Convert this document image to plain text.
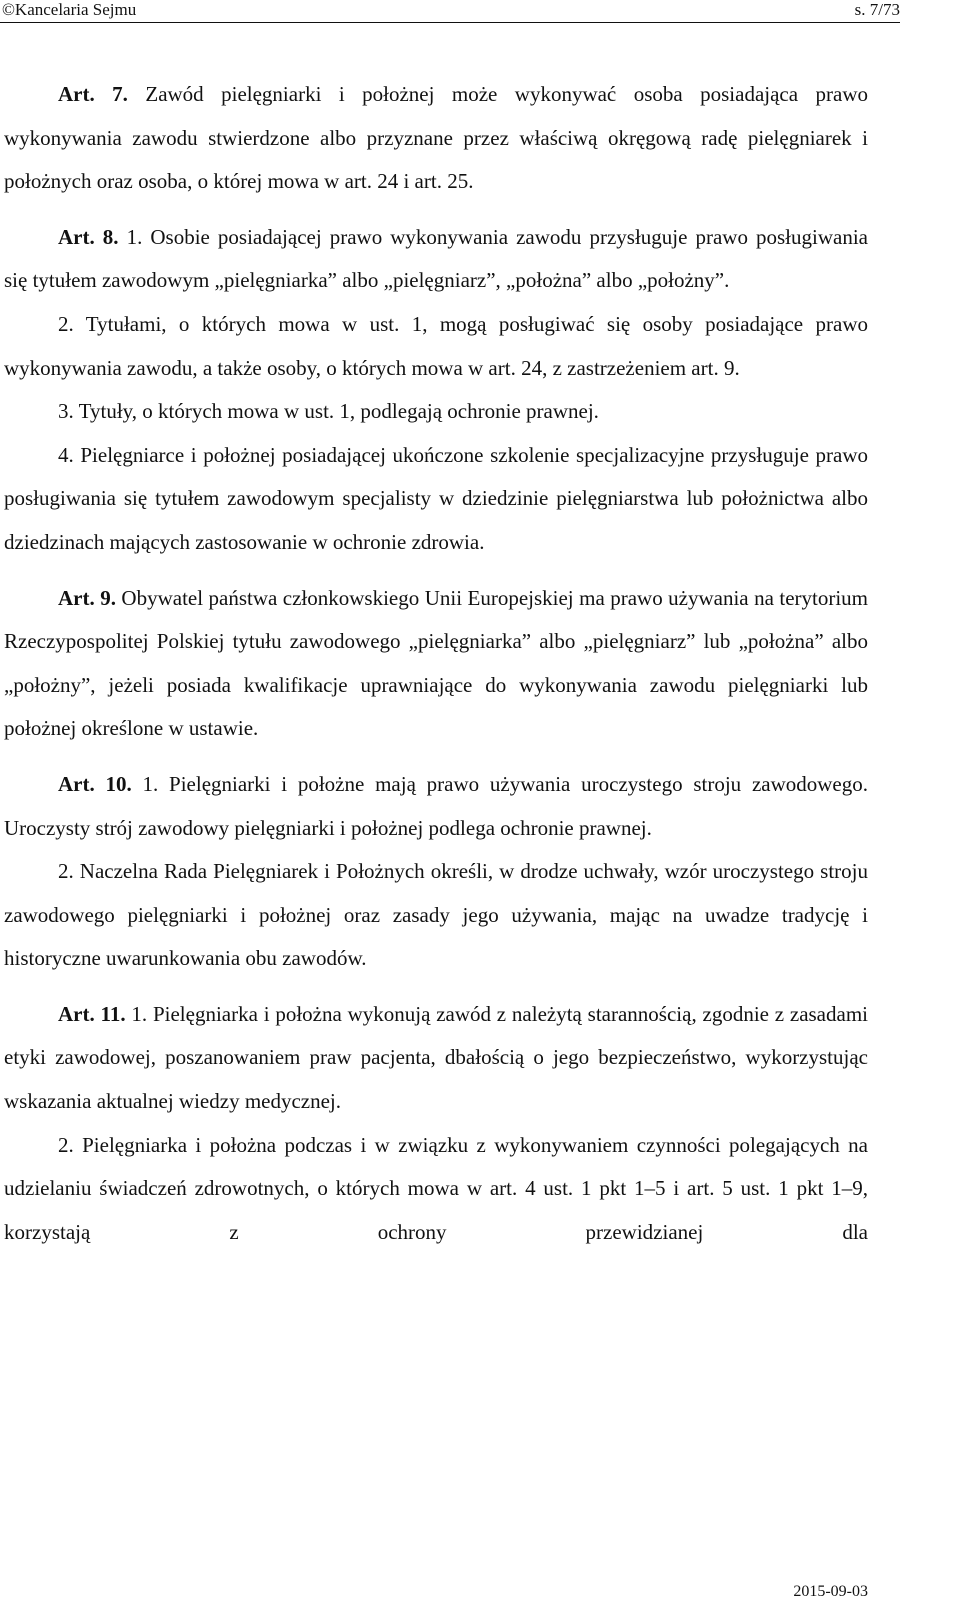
©Kancelaria Sejmu	s. 7/73

Art. 7. Zawód pielęgniarki i położnej może wykonywać osoba posiadająca prawo wykonywania zawodu stwierdzone albo przyznane przez właściwą okręgową radę pielęgniarek i położnych oraz osoba, o której mowa w art. 24 i art. 25.

Art. 8. 1. Osobie posiadającej prawo wykonywania zawodu przysługuje prawo posługiwania się tytułem zawodowym „pielęgniarka” albo „pielęgniarz”, „położna” albo „położny”.

2. Tytułami, o których mowa w ust. 1, mogą posługiwać się osoby posiadające prawo wykonywania zawodu, a także osoby, o których mowa w art. 24, z zastrzeżeniem art. 9.

3. Tytuły, o których mowa w ust. 1, podlegają ochronie prawnej.

4. Pielęgniarce i położnej posiadającej ukończone szkolenie specjalizacyjne przysługuje prawo posługiwania się tytułem zawodowym specjalisty w dziedzinie pielęgniarstwa lub położnictwa albo dziedzinach mających zastosowanie w ochronie zdrowia.

Art. 9. Obywatel państwa członkowskiego Unii Europejskiej ma prawo używania na terytorium Rzeczypospolitej Polskiej tytułu zawodowego „pielęgniarka” albo „pielęgniarz” lub „położna” albo „położny”, jeżeli posiada kwalifikacje uprawniające do wykonywania zawodu pielęgniarki lub położnej określone w ustawie.

Art. 10. 1. Pielęgniarki i położne mają prawo używania uroczystego stroju zawodowego. Uroczysty strój zawodowy pielęgniarki i położnej podlega ochronie prawnej.

2. Naczelna Rada Pielęgniarek i Położnych określi, w drodze uchwały, wzór uroczystego stroju zawodowego pielęgniarki i położnej oraz zasady jego używania, mając na uwadze tradycję i historyczne uwarunkowania obu zawodów.

Art. 11. 1. Pielęgniarka i położna wykonują zawód z należytą starannością, zgodnie z zasadami etyki zawodowej, poszanowaniem praw pacjenta, dbałością o jego bezpieczeństwo, wykorzystując wskazania aktualnej wiedzy medycznej.

2. Pielęgniarka i położna podczas i w związku z wykonywaniem czynności polegających na udzielaniu świadczeń zdrowotnych, o których mowa w art. 4 ust. 1 pkt 1–5 i art. 5 ust. 1 pkt 1–9, korzystają z ochrony przewidzianej dla

2015-09-03
